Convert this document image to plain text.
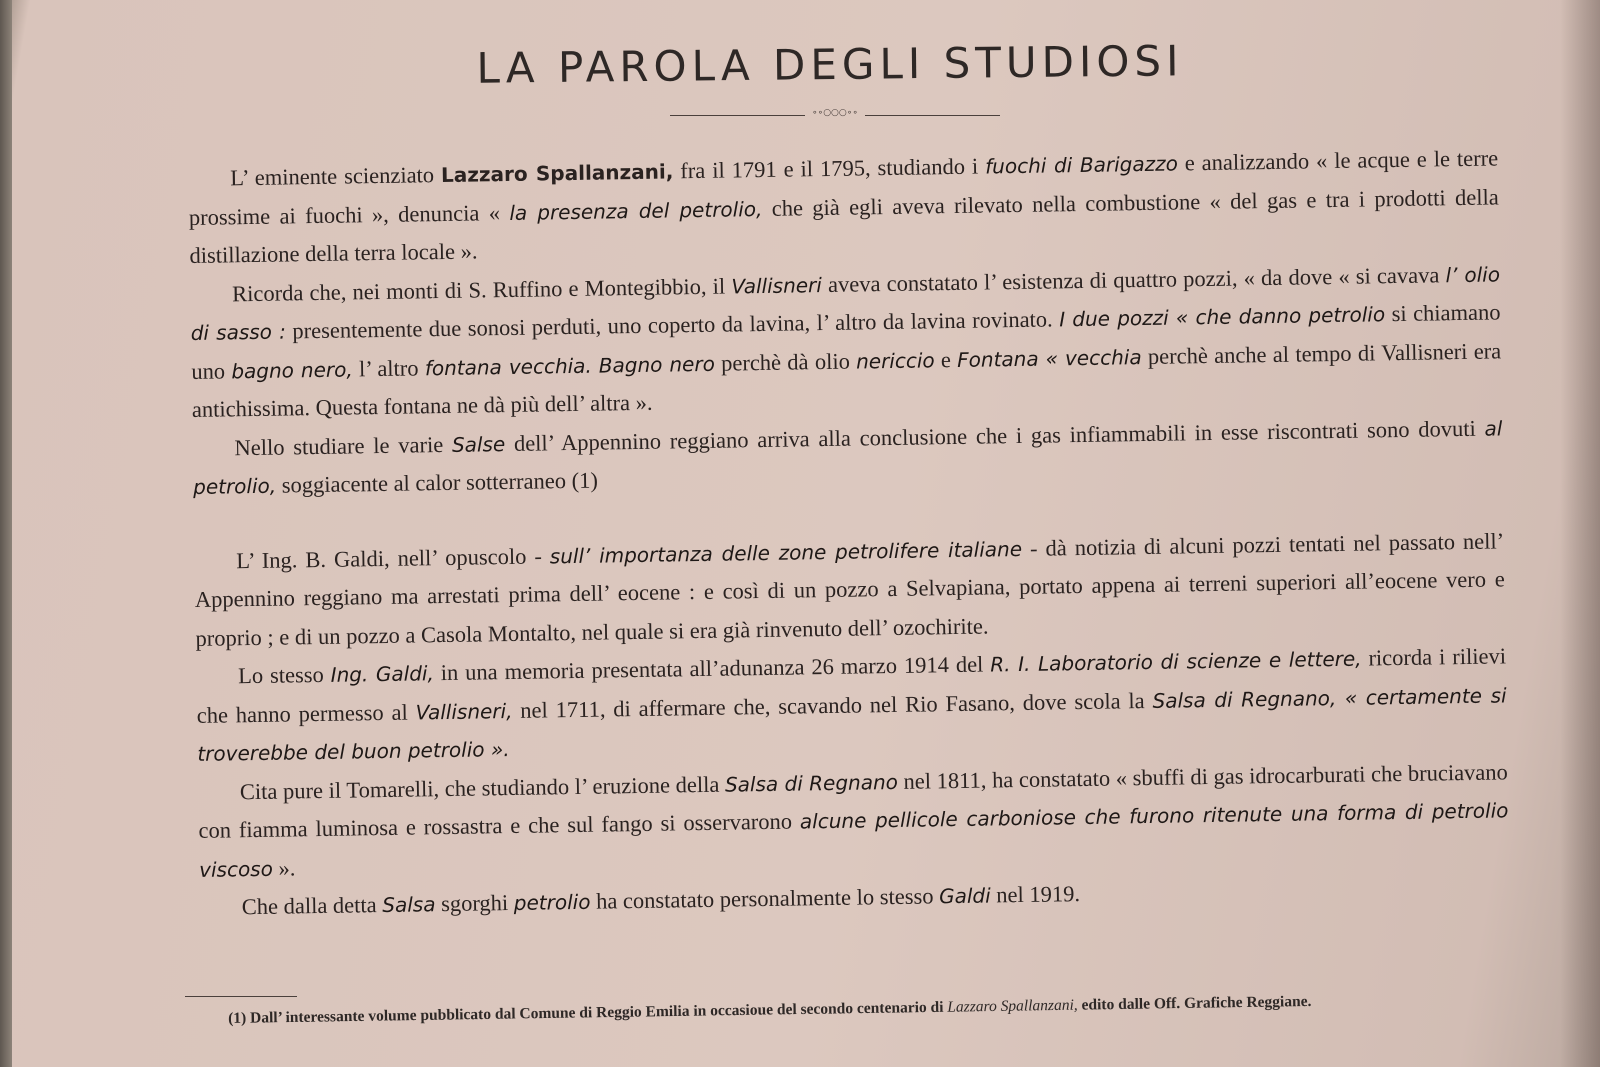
LA PAROLA DEGLI STUDIOSI
∘∘○○○∘∘

L’ eminente scienziato Lazzaro Spallanzani, fra il 1791 e il 1795, studiando i fuochi di Barigazzo e analizzando « le acque e le terre prossime ai fuochi », denuncia « la presenza del petrolio, che già egli aveva rilevato nella combustione « del gas e tra i prodotti della distillazione della terra locale ».

Ricorda che, nei monti di S. Ruffino e Montegibbio, il Vallisneri aveva constatato l’ esistenza di quattro pozzi, « da dove « si cavava l’ olio di sasso : presentemente due sonosi perduti, uno coperto da lavina, l’ altro da lavina rovinato. I due pozzi « che danno petrolio si chiamano uno bagno nero, l’ altro fontana vecchia. Bagno nero perchè dà olio nericcio e Fontana « vecchia perchè anche al tempo di Vallisneri era antichissima. Questa fontana ne dà più dell’ altra ».

Nello studiare le varie Salse dell’ Appennino reggiano arriva alla conclusione che i gas infiammabili in esse riscontrati sono dovuti al petrolio, soggiacente al calor sotterraneo (1)

L’ Ing. B. Galdi, nell’ opuscolo - sull’ importanza delle zone petrolifere italiane - dà notizia di alcuni pozzi tentati nel passato nell’ Appennino reggiano ma arrestati prima dell’ eocene : e così di un pozzo a Selvapiana, portato appena ai terreni superiori all’eocene vero e proprio ; e di un pozzo a Casola Montalto, nel quale si era già rinvenuto dell’ ozochirite.

Lo stesso Ing. Galdi, in una memoria presentata all’adunanza 26 marzo 1914 del R. I. Laboratorio di scienze e lettere, ricorda i rilievi che hanno permesso al Vallisneri, nel 1711, di affermare che, scavando nel Rio Fasano, dove scola la Salsa di Regnano, « certamente si troverebbe del buon petrolio ».

Cita pure il Tomarelli, che studiando l’ eruzione della Salsa di Regnano nel 1811, ha constatato « sbuffi di gas idrocarburati che bruciavano con fiamma luminosa e rossastra e che sul fango si osservarono alcune pellicole carboniose che furono ritenute una forma di petrolio viscoso ».

Che dalla detta Salsa sgorghi petrolio ha constatato personalmente lo stesso Galdi nel 1919.

(1) Dall’ interessante volume pubblicato dal Comune di Reggio Emilia in occasioue del secondo centenario di Lazzaro Spallanzani, edito dalle Off. Grafiche Reggiane.
